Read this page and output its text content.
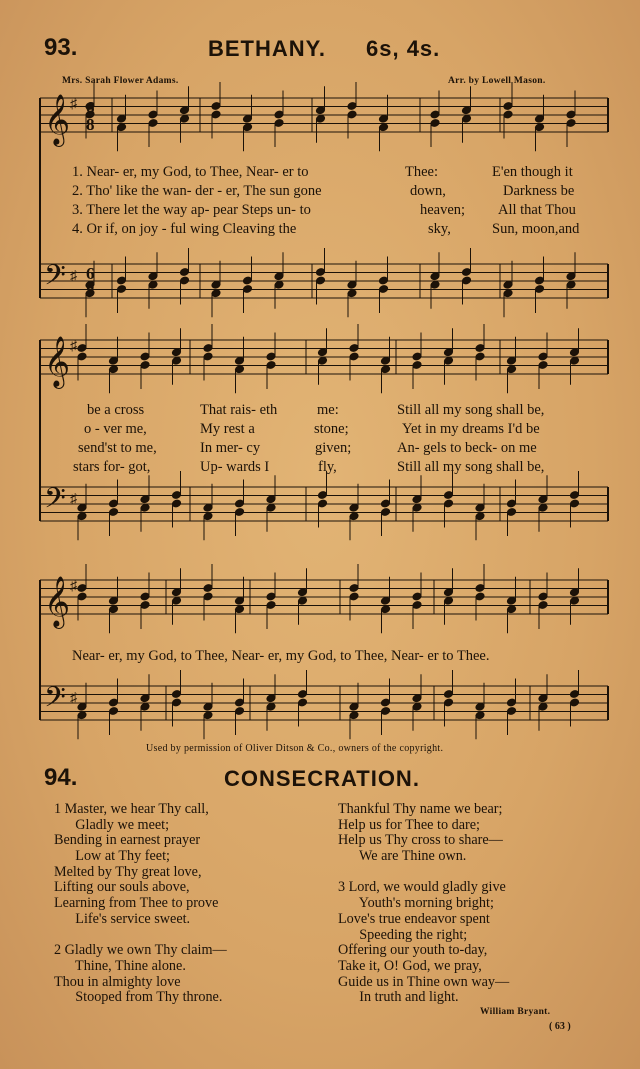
93.	BETHANY. 6s, 4s.
Mrs. Sarah Flower Adams.	Arr. by Lowell Mason.
𝄞
𝄢
♯
♯
6
8
6
8
𝄞
𝄢
♯
♯
𝄞
𝄢
♯
♯
1. Near- er, my God, to Thee, Near- er to	Thee:	E'en though it
2. Tho' like the wan- der - er, The sun gone	down,	Darkness be
3. There let the way ap- pear Steps un- to	heaven; All that Thou
4. Or if, on joy - ful wing Cleaving the	sky,	Sun, moon,and
be a cross	That rais- eth	me:	Still all my song shall be,
o - ver me,	My rest a	stone;	Yet in my dreams I'd be
send'st to me,	In mer- cy	given;	An- gels to beck- on me
stars for- got,	Up- wards I	fly,	Still all my song shall be,
Near- er, my God, to Thee, Near- er, my God, to Thee, Near- er to Thee.
Used by permission of Oliver Ditson & Co., owners of the copyright.
94.	CONSECRATION.
1 Master, we hear Thy call,
Gladly we meet;
Bending in earnest prayer
Low at Thy feet;
Melted by Thy great love,
Lifting our souls above,
Learning from Thee to prove
Life's service sweet.
2 Gladly we own Thy claim—
Thine, Thine alone.
Thou in almighty love
Stooped from Thy throne.
Thankful Thy name we bear;
Help us for Thee to dare;
Help us Thy cross to share—
We are Thine own.
3 Lord, we would gladly give
Youth's morning bright;
Love's true endeavor spent
Speeding the right;
Offering our youth to-day,
Take it, O! God, we pray,
Guide us in Thine own way—
In truth and light.
William Bryant.
( 63 )
